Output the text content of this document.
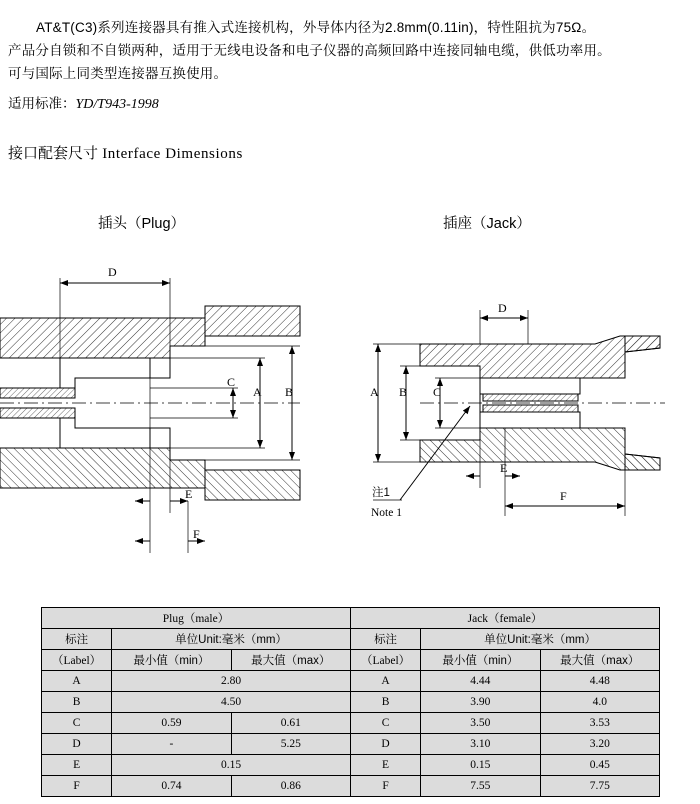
AT&T(C3)系列连接器具有推入式连接机构，外导体内径为2.8mm(0.11in)，特性阻抗为75Ω。

产品分自锁和不自锁两种，适用于无线电设备和电子仪器的高频回路中连接同轴电缆，供低功率用。

可与国际上同类型连接器互换使用。

适用标准：YD/T943-1998
接口配套尺寸 Interface Dimensions
插头（Plug）	插座（Jack）
D
C
A B
E
F
D
A B C
E
F
注1
Note 1
Plug（male）			Jack（female）		
标注	单位Unit:毫米（mm）		标注	单位Unit:毫米（mm）	
（Label）	最小值（min）	最大值（max）	（Label）	最小值（min）	最大值（max）
A	2.80		A	4.44	4.48
B	4.50		B	3.90	4.0
C	0.59	0.61	C	3.50	3.53
D	-	5.25	D	3.10	3.20
E	0.15		E	0.15	0.45
F	0.74	0.86	F	7.55	7.75
